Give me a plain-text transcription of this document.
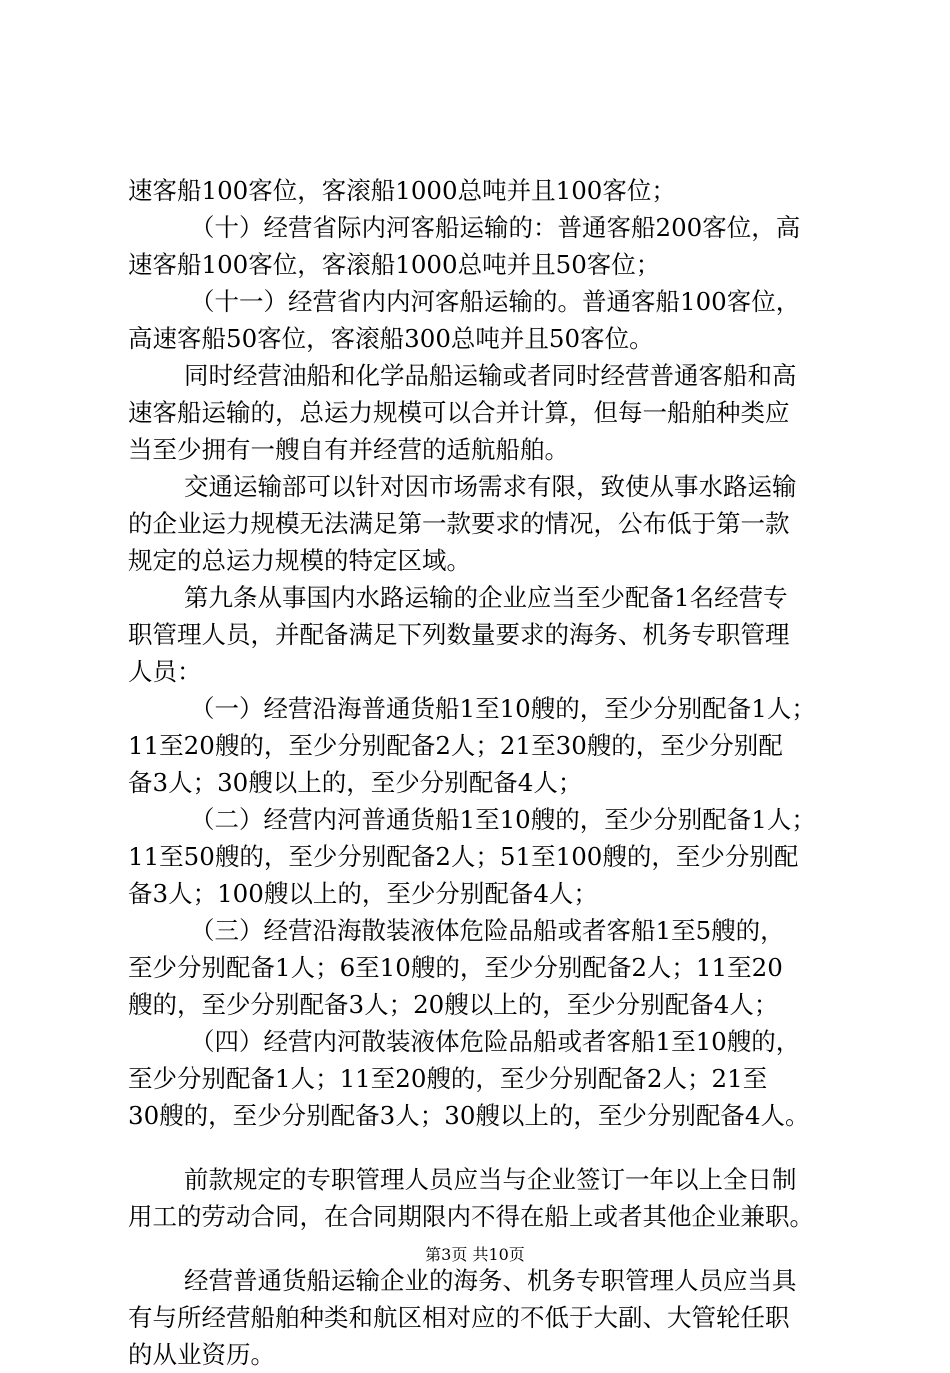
速客船100客位，客滚船1000总吨并且100客位；
（十）经营省际内河客船运输的：普通客船200客位，高
速客船100客位，客滚船1000总吨并且50客位；
（十一）经营省内内河客船运输的。普通客船100客位，
高速客船50客位，客滚船300总吨并且50客位。
同时经营油船和化学品船运输或者同时经营普通客船和高
速客船运输的，总运力规模可以合并计算，但每一船舶种类应
当至少拥有一艘自有并经营的适航船舶。
交通运输部可以针对因市场需求有限，致使从事水路运输
的企业运力规模无法满足第一款要求的情况，公布低于第一款
规定的总运力规模的特定区域。
第九条从事国内水路运输的企业应当至少配备1名经营专
职管理人员，并配备满足下列数量要求的海务、机务专职管理
人员：
（一）经营沿海普通货船1至10艘的，至少分别配备1人；
11至20艘的，至少分别配备2人；21至30艘的，至少分别配
备3人；30艘以上的，至少分别配备4人；
（二）经营内河普通货船1至10艘的，至少分别配备1人；
11至50艘的，至少分别配备2人；51至100艘的，至少分别配
备3人；100艘以上的，至少分别配备4人；
（三）经营沿海散装液体危险品船或者客船1至5艘的，
至少分别配备1人；6至10艘的，至少分别配备2人；11至20
艘的，至少分别配备3人；20艘以上的，至少分别配备4人；
（四）经营内河散装液体危险品船或者客船1至10艘的，
至少分别配备1人；11至20艘的，至少分别配备2人；21至
30艘的，至少分别配备3人；30艘以上的，至少分别配备4人。
前款规定的专职管理人员应当与企业签订一年以上全日制
用工的劳动合同，在合同期限内不得在船上或者其他企业兼职。
经营普通货船运输企业的海务、机务专职管理人员应当具
有与所经营船舶种类和航区相对应的不低于大副、大管轮任职
的从业资历。
第3页 共10页
